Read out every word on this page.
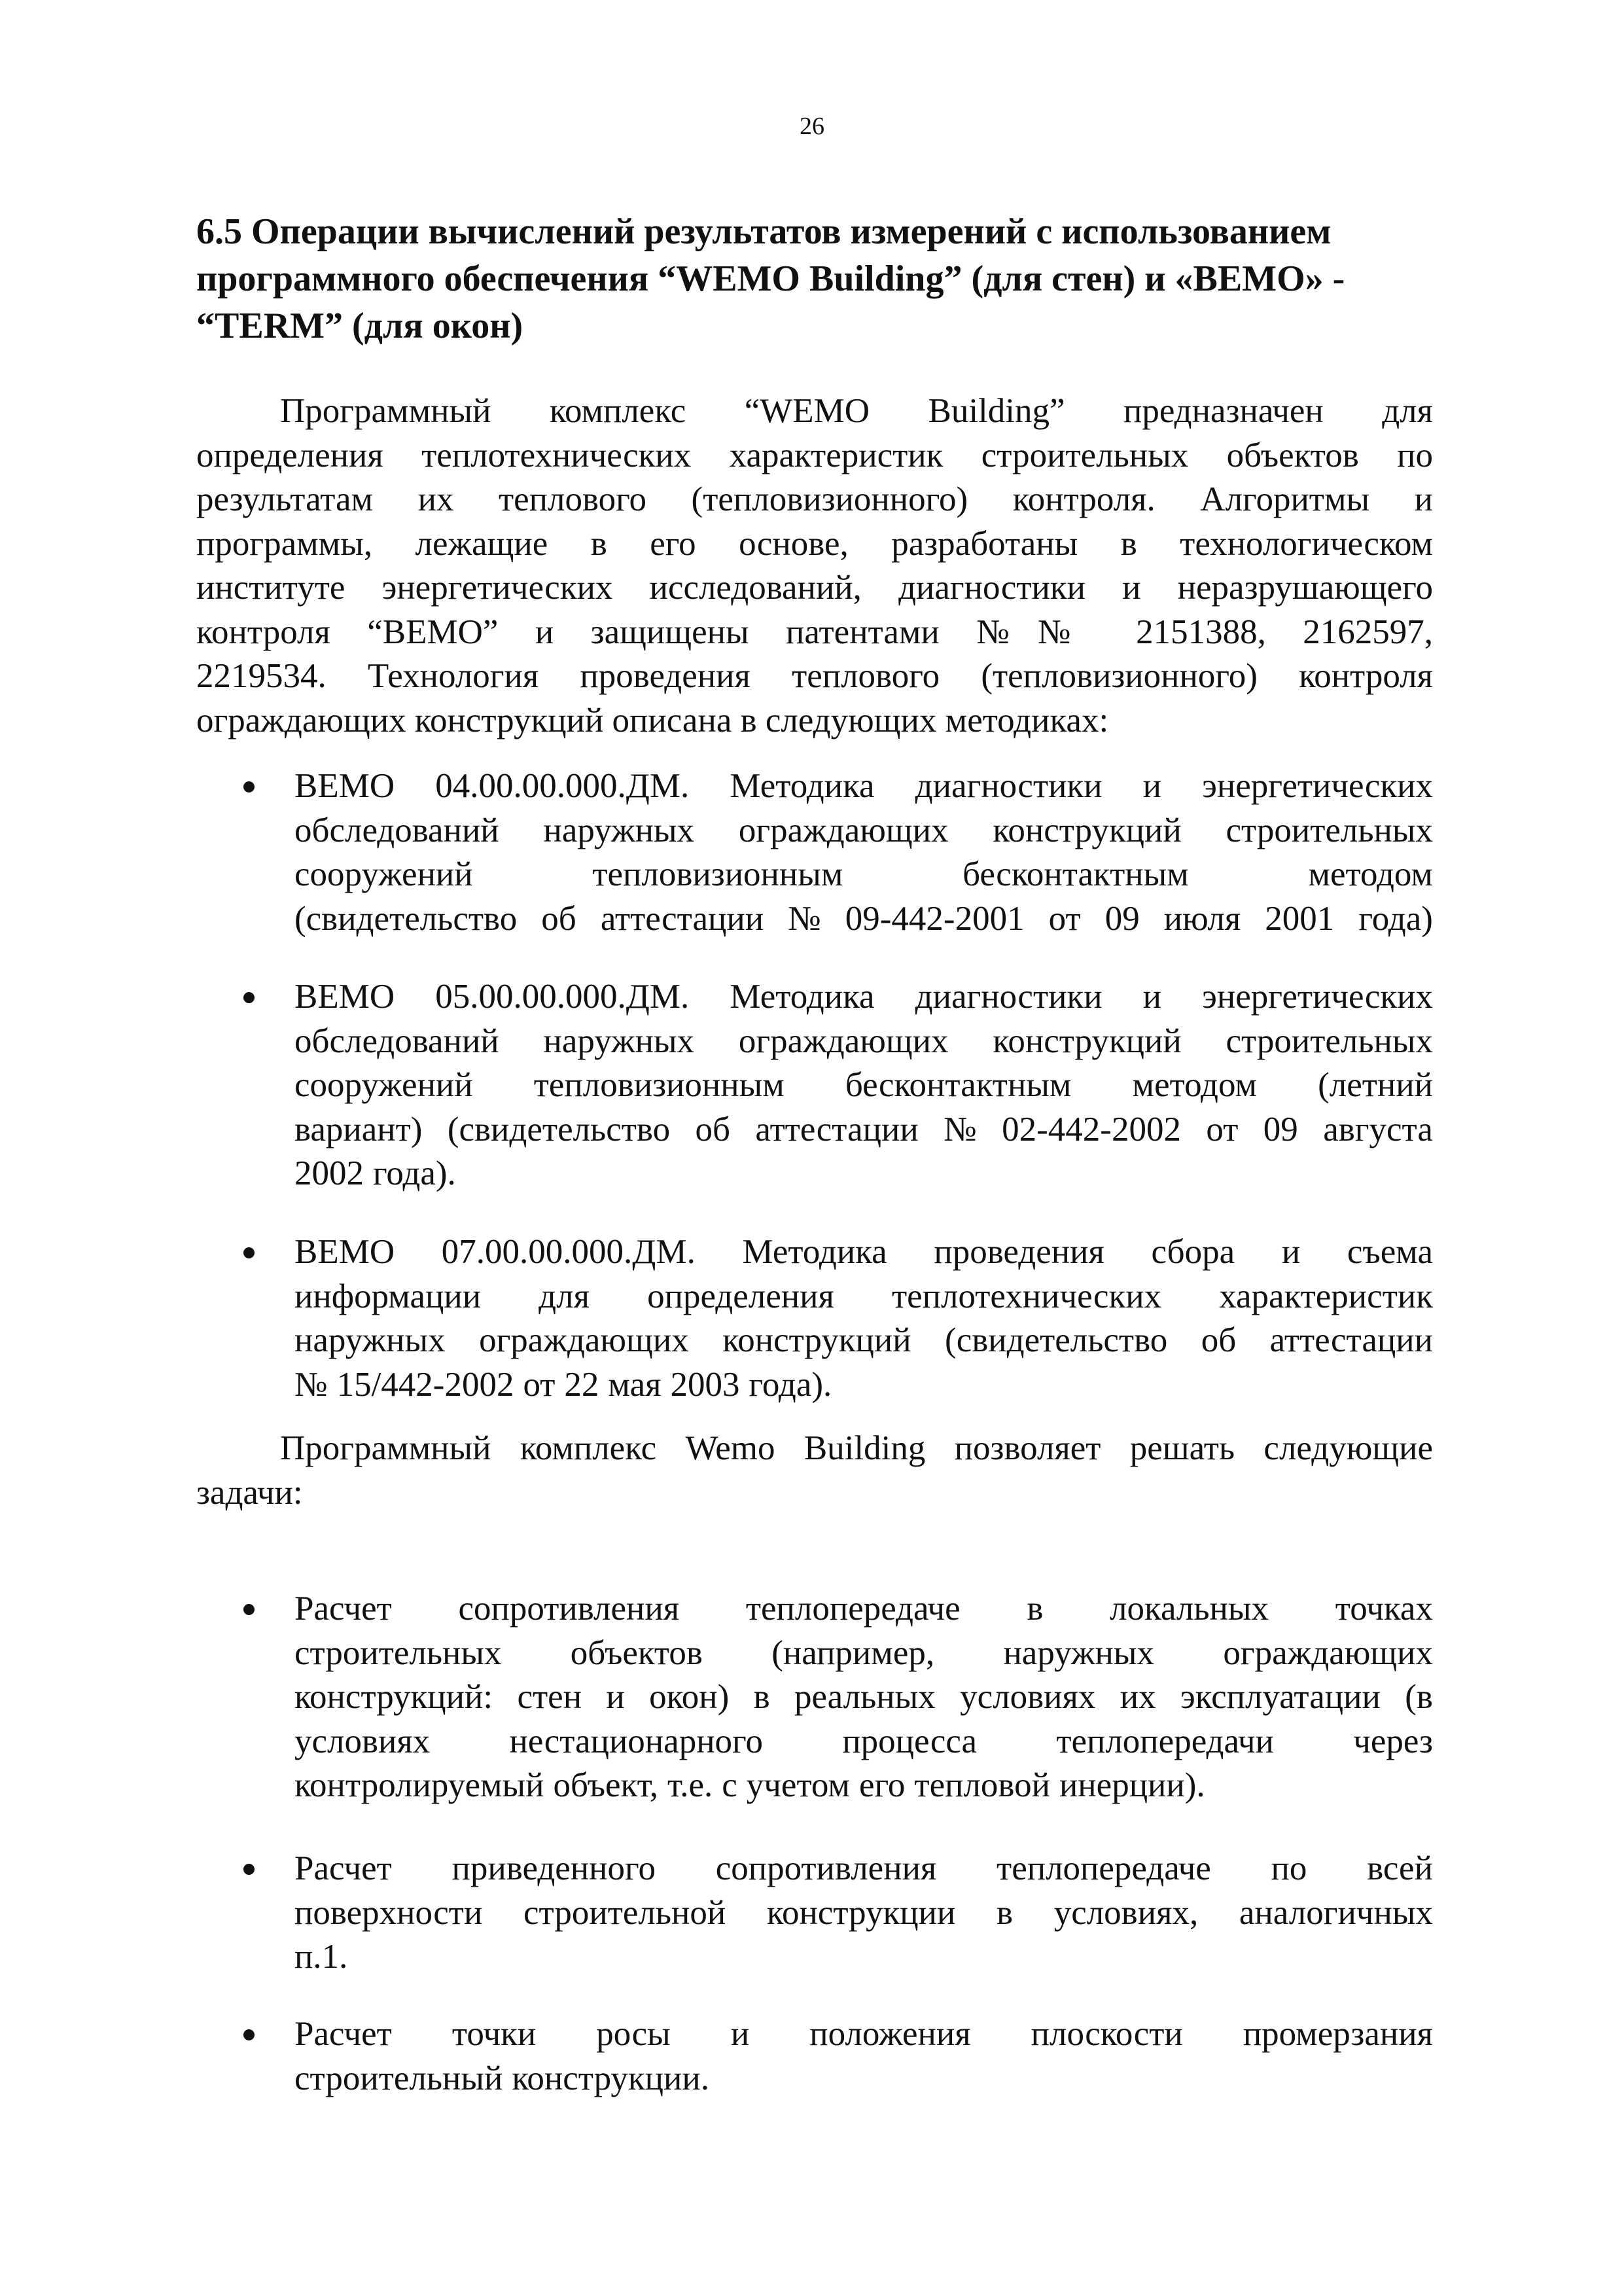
26
6.5 Операции вычислений результатов измерений с использованием
программного обеспечения “WEMO Building” (для стен) и «ВЕМО» -
“TERM” (для окон)
Программный комплекс “WEMO Building” предназначен для
определения теплотехнических характеристик строительных объектов по
результатам их теплового (тепловизионного) контроля. Алгоритмы и
программы, лежащие в его основе, разработаны в технологическом
институте энергетических исследований, диагностики и неразрушающего
контроля “ВЕМО” и защищены патентами №№ 2151388, 2162597,
2219534. Технология проведения теплового (тепловизионного) контроля
ограждающих конструкций описана в следующих методиках:
ВЕМО 04.00.00.000.ДМ. Методика диагностики и энергетических
обследований наружных ограждающих конструкций строительных
сооружений	тепловизионным	бесконтактным	методом
(свидетельство об аттестации № 09-442-2001 от 09 июля 2001 года)
ВЕМО 05.00.00.000.ДМ. Методика диагностики и энергетических
обследований наружных ограждающих конструкций строительных
сооружений тепловизионным бесконтактным методом (летний
вариант) (свидетельство об аттестации № 02-442-2002 от 09 августа
2002 года).
ВЕМО 07.00.00.000.ДМ. Методика проведения сбора и съема
информации для определения теплотехнических характеристик
наружных ограждающих конструкций (свидетельство об аттестации
№ 15/442-2002 от 22 мая 2003 года).
Программный комплекс Wemo Building позволяет решать следующие
задачи:
Расчет сопротивления теплопередаче в локальных точках
строительных объектов (например, наружных ограждающих
конструкций: стен и окон) в реальных условиях их эксплуатации (в
условиях нестационарного процесса теплопередачи через
контролируемый объект, т.е. с учетом его тепловой инерции).
Расчет приведенного сопротивления теплопередаче по всей
поверхности строительной конструкции в условиях, аналогичных
п.1.
Расчет точки росы и положения плоскости промерзания
строительный конструкции.
